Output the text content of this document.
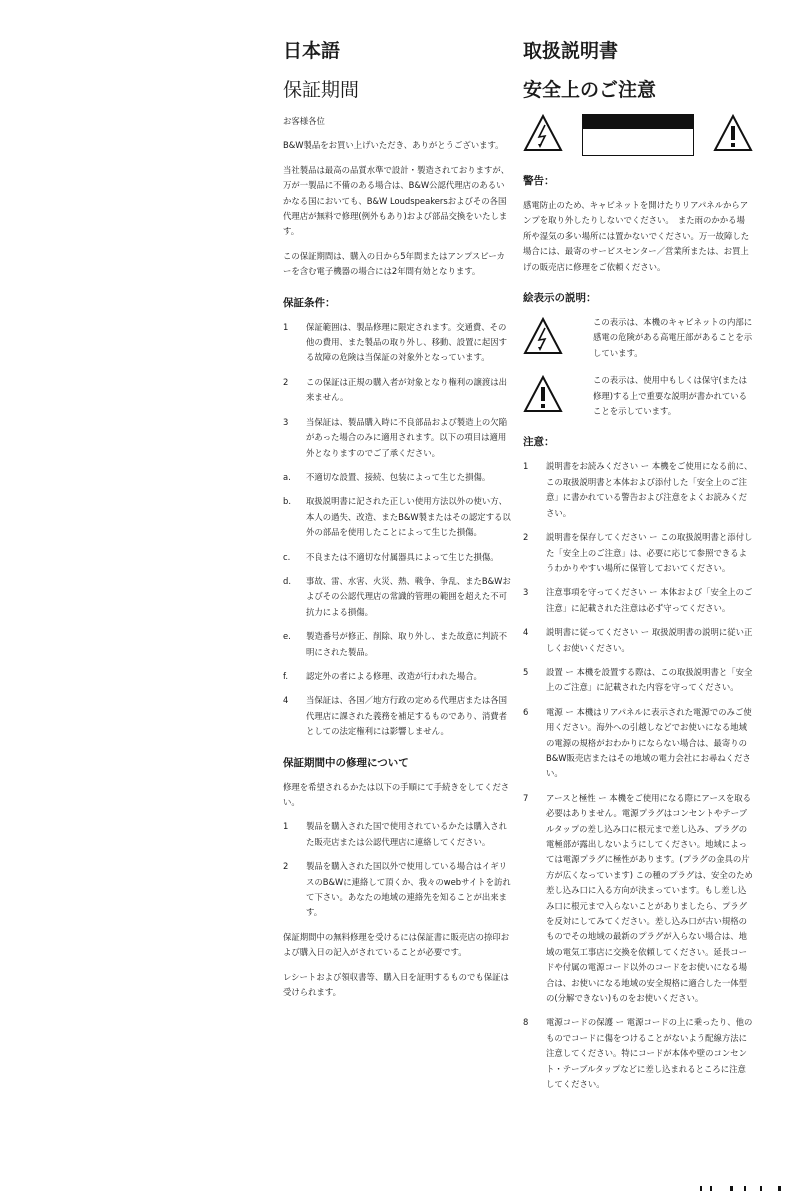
日本語
保証期間
お客様各位
B&W製品をお買い上げいただき、ありがとうございます。
当社製品は最高の品質水準で設計・製造されておりますが、万が一製品に不備のある場合は、B&W公認代理店のあるいかなる国においても、B&W Loudspeakersおよびその各国代理店が無料で修理(例外もあり)および部品交換をいたします。
この保証期間は、購入の日から5年間またはアンプスピーカーを含む電子機器の場合には2年間有効となります。
保証条件：
1	保証範囲は、製品修理に限定されます。交通費、その他の費用、また製品の取り外し、移動、設置に起因する故障の危険は当保証の対象外となっています。
2	この保証は正規の購入者が対象となり権利の譲渡は出来ません。
3	当保証は、製品購入時に不良部品および製造上の欠陥があった場合のみに適用されます。以下の項目は適用外となりますのでご了承ください。
a.	不適切な設置、接続、包装によって生じた損傷。
b.	取扱説明書に記された正しい使用方法以外の使い方、本人の過失、改造、またB&W製またはその認定する以外の部品を使用したことによって生じた損傷。
c.	不良または不適切な付属器具によって生じた損傷。
d.	事故、雷、水害、火災、熱、戦争、争乱、またB&Wおよびその公認代理店の常識的管理の範囲を超えた不可抗力による損傷。
e.	製造番号が修正、削除、取り外し、また故意に判読不明にされた製品。
f.	認定外の者による修理、改造が行われた場合。
4	当保証は、各国／地方行政の定める代理店または各国代理店に課された義務を補足するものであり、消費者としての法定権利には影響しません。
保証期間中の修理について
修理を希望されるかたは以下の手順にて手続きをしてください。
1	製品を購入された国で使用されているかたは購入された販売店または公認代理店に連絡してください。
2	製品を購入された国以外で使用している場合はイギリスのB&Wに連絡して頂くか、我々のwebサイトを訪れて下さい。あなたの地域の連絡先を知ることが出来ます。
保証期間中の無料修理を受けるには保証書に販売店の捺印および購入日の記入がされていることが必要です。
レシートおよび領収書等、購入日を証明するものでも保証は受けられます。
取扱説明書
安全上のご注意
警告：
感電防止のため、キャビネットを開けたりリアパネルからアンプを取り外したりしないでください。　また雨のかかる場所や湿気の多い場所には置かないでください。万一故障した場合には、最寄のサービスセンター／営業所または、お買上げの販売店に修理をご依頼ください。
絵表示の説明：
この表示は、本機のキャビネットの内部に感電の危険がある高電圧部があることを示しています。
この表示は、使用中もしくは保守(または修理)する上で重要な説明が書かれていることを示しています。
注意：
1	説明書をお読みください ー 本機をご使用になる前に、この取扱説明書と本体および添付した「安全上のご注意」に書かれている警告および注意をよくお読みください。
2	説明書を保存してください ー この取扱説明書と添付した「安全上のご注意」は、必要に応じて参照できるようわかりやすい場所に保管しておいてください。
3	注意事項を守ってください ー 本体および「安全上のご注意」に記載された注意は必ず守ってください。
4	説明書に従ってください ー 取扱説明書の説明に従い正しくお使いください。
5	設置 ー 本機を設置する際は、この取扱説明書と「安全上のご注意」に記載された内容を守ってください。
6	電源 ー 本機はリアパネルに表示された電源でのみご使用ください。海外への引越しなどでお使いになる地域の電源の規格がおわかりにならない場合は、最寄りのB&W販売店またはその地域の電力会社にお尋ねください。
7	アースと極性 ー 本機をご使用になる際にアースを取る必要はありません。電源プラグはコンセントやテーブルタップの差し込み口に根元まで差し込み、プラグの電極部が露出しないようにしてください。地域によっては電源プラグに極性があります。(プラグの金具の片方が広くなっています) この種のプラグは、安全のため差し込み口に入る方向が決まっています。もし差し込み口に根元まで入らないことがありましたら、プラグを反対にしてみてください。差し込み口が古い規格のものでその地域の最新のプラグが入らない場合は、地域の電気工事店に交換を依頼してください。延長コードや付属の電源コード以外のコードをお使いになる場合は、お使いになる地域の安全規格に適合した一体型の(分解できない)ものをお使いください。
8	電源コードの保護 ー 電源コードの上に乗ったり、他のものでコードに傷をつけることがないよう配線方法に注意してください。特にコードが本体や壁のコンセント・テーブルタップなどに差し込まれるところに注意してください。
